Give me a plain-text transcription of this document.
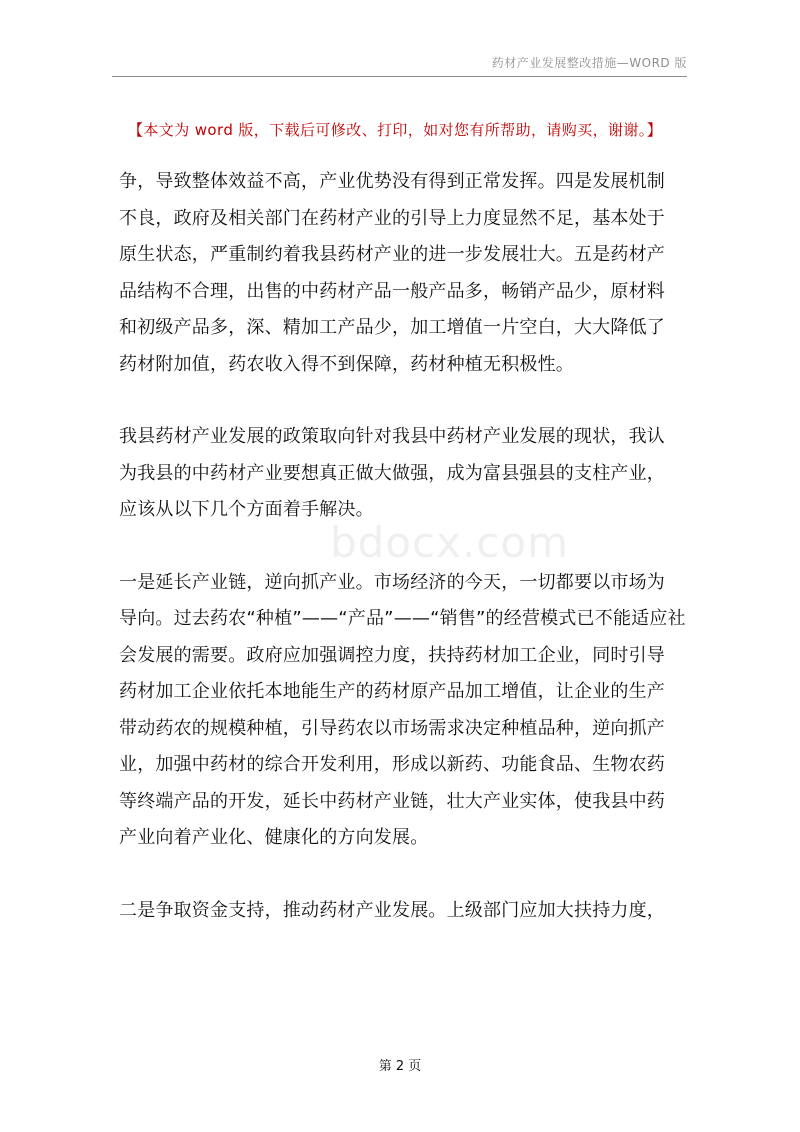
药材产业发展整改措施—WORD 版
【本文为 word 版，下载后可修改、打印，如对您有所帮助，请购买，谢谢。】
bdocx.com

争，导致整体效益不高，产业优势没有得到正常发挥。四是发展机制
不良，政府及相关部门在药材产业的引导上力度显然不足，基本处于
原生状态，严重制约着我县药材产业的进一步发展壮大。五是药材产
品结构不合理，出售的中药材产品一般产品多，畅销产品少，原材料
和初级产品多，深、精加工产品少，加工增值一片空白，大大降低了
药材附加值，药农收入得不到保障，药材种植无积极性。

我县药材产业发展的政策取向针对我县中药材产业发展的现状，我认
为我县的中药材产业要想真正做大做强，成为富县强县的支柱产业，
应该从以下几个方面着手解决。

一是延长产业链，逆向抓产业。市场经济的今天，一切都要以市场为
导向。过去药农“种植”——“产品”——“销售”的经营模式已不能适应社
会发展的需要。政府应加强调控力度，扶持药材加工企业，同时引导
药材加工企业依托本地能生产的药材原产品加工增值，让企业的生产
带动药农的规模种植，引导药农以市场需求决定种植品种，逆向抓产
业，加强中药材的综合开发利用，形成以新药、功能食品、生物农药
等终端产品的开发，延长中药材产业链，壮大产业实体，使我县中药
产业向着产业化、健康化的方向发展。

二是争取资金支持，推动药材产业发展。上级部门应加大扶持力度，

第 2 页
